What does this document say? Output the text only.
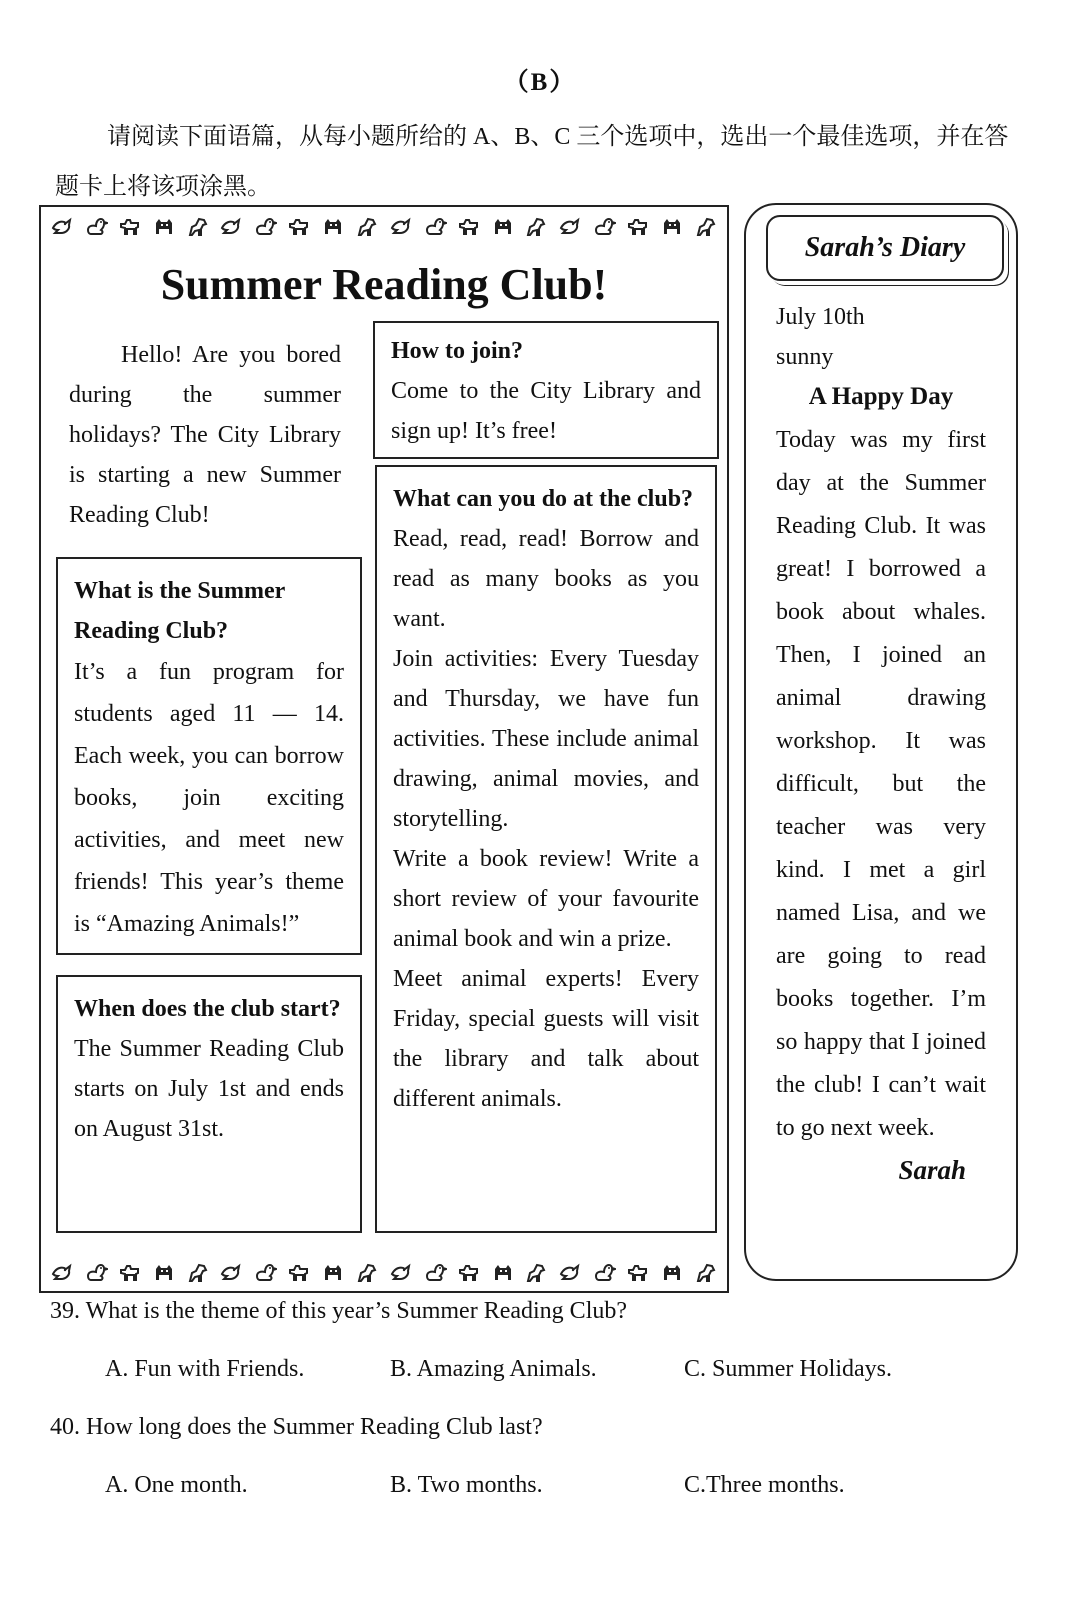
（B）
请阅读下面语篇，从每小题所给的 A、B、C 三个选项中，选出一个最佳选项，并在答题卡上将该项涂黑。
Summer Reading Club!
Hello! Are you bored during the summer holidays? The City Library is starting a new Summer Reading Club!
What is the Summer Reading Club?

It’s a fun program for students aged 11 — 14. Each week, you can borrow books, join exciting activities, and meet new friends! This year’s theme is “Amazing Animals!”

When does the club start?

The Summer Reading Club starts on July 1st and ends on August 31st.

How to join?

Come to the City Library and sign up! It’s free!

What can you do at the club?

Read, read, read! Borrow and read as many books as you want.

Join activities: Every Tuesday and Thursday, we have fun activities. These include animal drawing, animal movies, and storytelling.

Write a book review! Write a short review of your favourite animal book and win a prize.

Meet animal experts! Every Friday, special guests will visit the library and talk about different animals.

Sarah’s Diary
July 10th
sunny
A Happy Day
Today was my first day at the Summer Reading Club. It was great! I borrowed a book about whales. Then, I joined an animal drawing workshop. It was difficult, but the teacher was very kind. I met a girl named Lisa, and we are going to read books together. I’m so happy that I joined the club! I can’t wait to go next week.
Sarah
39. What is the theme of this year’s Summer Reading Club?
A. Fun with Friends.	B. Amazing Animals.	C. Summer Holidays.
40. How long does the Summer Reading Club last?
A. One month.	B. Two months.	C.Three months.
